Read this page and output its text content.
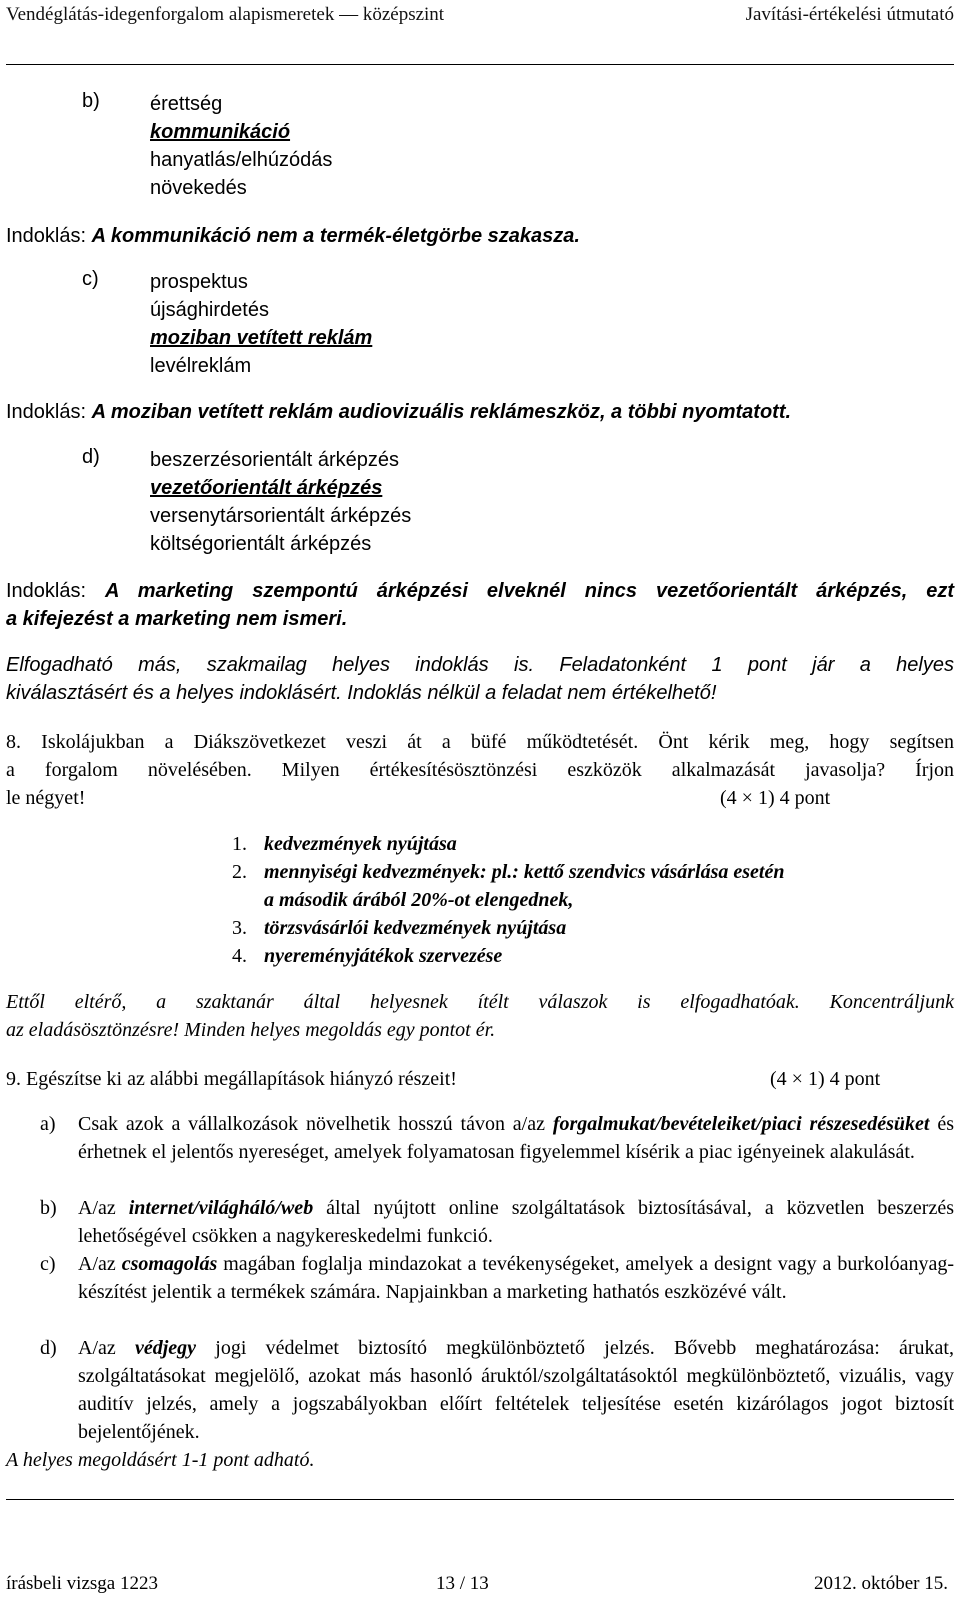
Vendéglátás-idegenforgalom alapismeretek — középszint	Javítási-értékelési útmutató
b)	érettség
kommunikáció
hanyatlás/elhúzódás
növekedés
Indoklás: A kommunikáció nem a termék-életgörbe szakasza.
c)	prospektus
újsághirdetés
moziban vetített reklám
levélreklám
Indoklás: A moziban vetített reklám audiovizuális reklámeszköz, a többi nyomtatott.
d)	beszerzésorientált árképzés
vezetőorientált árképzés
versenytársorientált árképzés
költségorientált árképzés
Indoklás: A marketing szempontú árképzési elveknél nincs vezetőorientált árképzés, ezt
a kifejezést a marketing nem ismeri.
Elfogadható más, szakmailag helyes indoklás is. Feladatonként 1 pont jár a helyes
kiválasztásért és a helyes indoklásért. Indoklás nélkül a feladat nem értékelhető!
8. Iskolájukban a Diákszövetkezet veszi át a büfé működtetését. Önt kérik meg, hogy segítsen
a forgalom növelésében. Milyen értékesítésösztönzési eszközök alkalmazását javasolja? Írjon
le négyet!	(4 × 1) 4 pont
1. kedvezmények nyújtása
2. mennyiségi kedvezmények: pl.: kettő szendvics vásárlása esetén
a második árából 20%-ot elengednek,
3. törzsvásárlói kedvezmények nyújtása
4. nyereményjátékok szervezése
Ettől eltérő, a szaktanár által helyesnek ítélt válaszok is elfogadhatóak. Koncentráljunk
az eladásösztönzésre! Minden helyes megoldás egy pontot ér.
9. Egészítse ki az alábbi megállapítások hiányzó részeit!	(4 × 1) 4 pont
a) Csak azok a vállalkozások növelhetik hosszú távon a/az forgalmukat/bevételeiket/piaci részesedésüket és érhetnek el jelentős nyereséget, amelyek folyamatosan figyelemmel kísérik a piac igényeinek alakulását.
b) A/az internet/világháló/web által nyújtott online szolgáltatások biztosításával, a közvetlen beszerzés lehetőségével csökken a nagykereskedelmi funkció.
c) A/az csomagolás magában foglalja mindazokat a tevékenységeket, amelyek a designt vagy a burkolóanyag-készítést jelentik a termékek számára. Napjainkban a marketing hathatós eszközévé vált.
d) A/az védjegy jogi védelmet biztosító megkülönböztető jelzés. Bővebb meghatározása: árukat, szolgáltatásokat megjelölő, azokat más hasonló áruktól/szolgáltatásoktól megkülönböztető, vizuális, vagy auditív jelzés, amely a jogszabályokban előírt feltételek teljesítése esetén kizárólagos jogot biztosít bejelentőjének.
A helyes megoldásért 1-1 pont adható.
írásbeli vizsga 1223	13 / 13	2012. október 15.
